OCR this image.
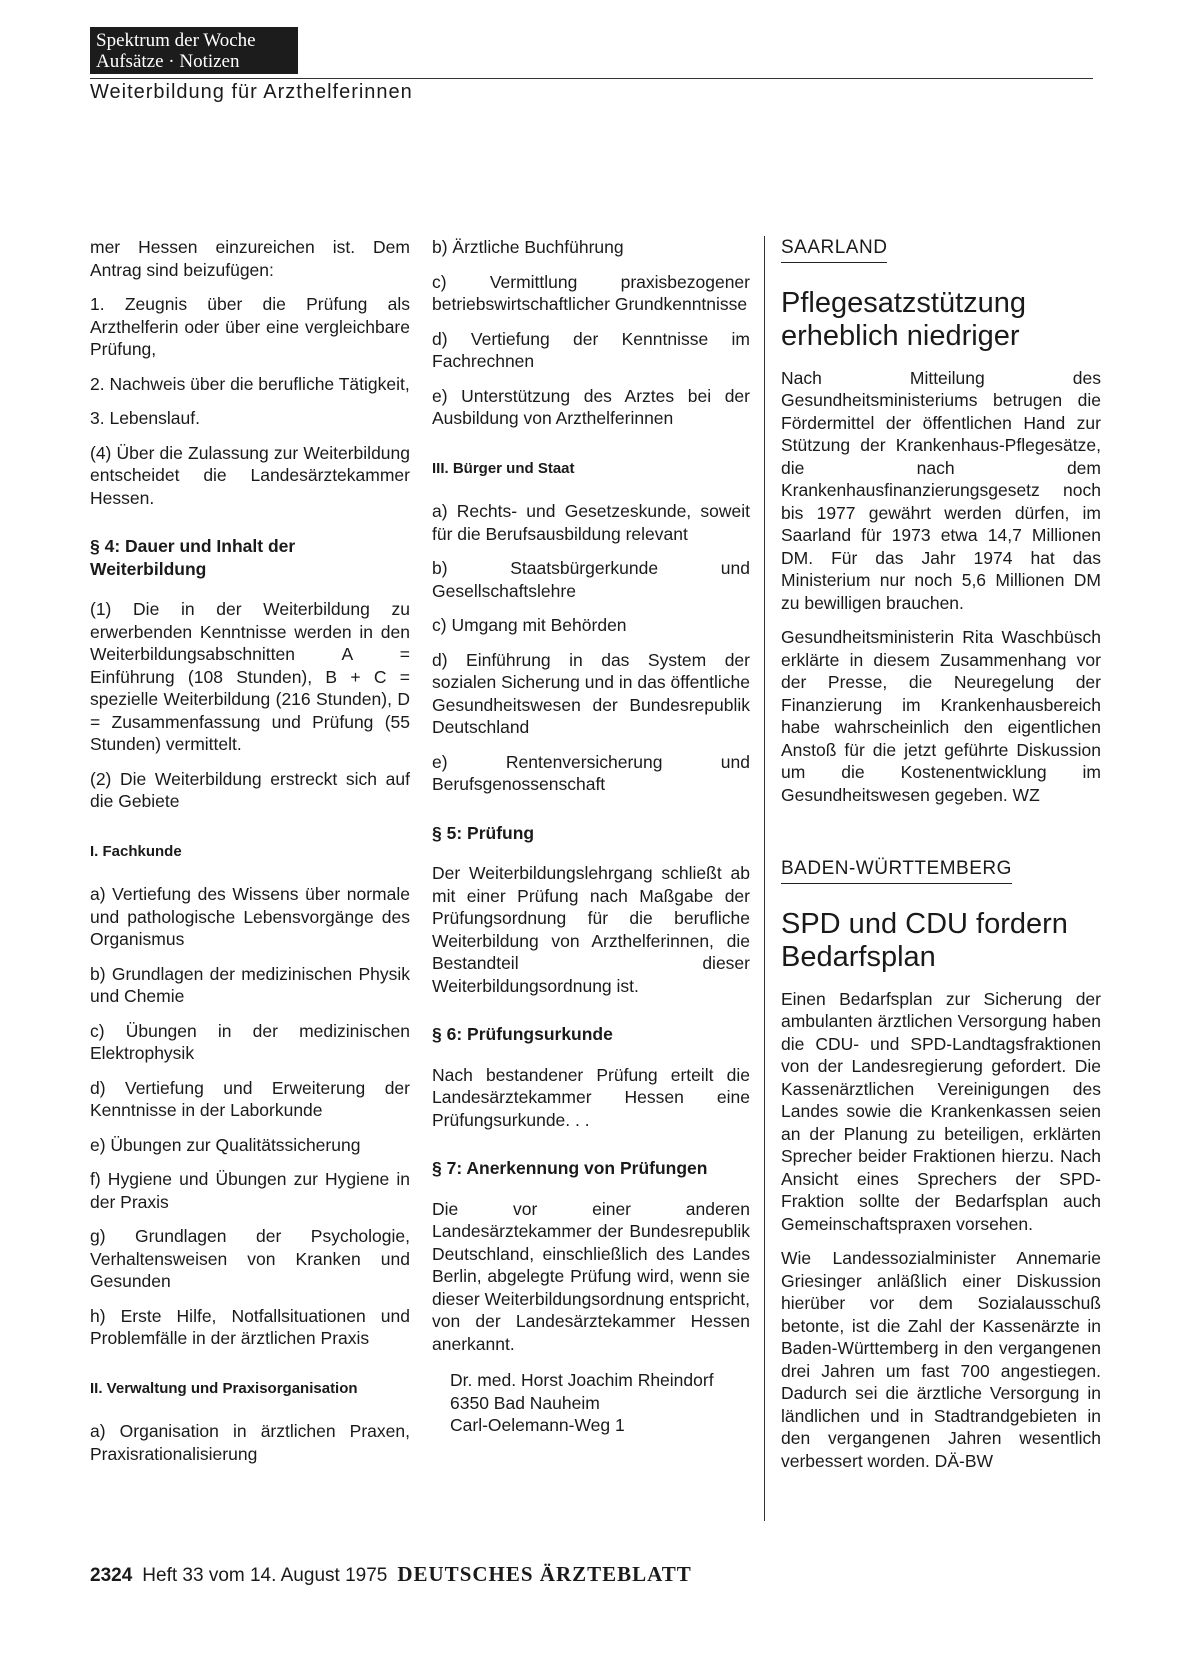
Spektrum der Woche
Aufsätze · Notizen
Weiterbildung für Arzthelferinnen

mer Hessen einzureichen ist. Dem Antrag sind beizufügen:

1. Zeugnis über die Prüfung als Arzthelferin oder über eine vergleichbare Prüfung,

2. Nachweis über die berufliche Tätigkeit,

3. Lebenslauf.

(4) Über die Zulassung zur Weiterbildung entscheidet die Landesärztekammer Hessen.

§ 4: Dauer und Inhalt der Weiterbildung

(1) Die in der Weiterbildung zu erwerbenden Kenntnisse werden in den Weiterbildungsabschnitten A = Einführung (108 Stunden), B + C = spezielle Weiterbildung (216 Stunden), D = Zusammenfassung und Prüfung (55 Stunden) vermittelt.

(2) Die Weiterbildung erstreckt sich auf die Gebiete

I. Fachkunde

a) Vertiefung des Wissens über normale und pathologische Lebensvorgänge des Organismus

b) Grundlagen der medizinischen Physik und Chemie

c) Übungen in der medizinischen Elektrophysik

d) Vertiefung und Erweiterung der Kenntnisse in der Laborkunde

e) Übungen zur Qualitätssicherung

f) Hygiene und Übungen zur Hygiene in der Praxis

g) Grundlagen der Psychologie, Verhaltensweisen von Kranken und Gesunden

h) Erste Hilfe, Notfallsituationen und Problemfälle in der ärztlichen Praxis

II. Verwaltung und Praxisorganisation

a) Organisation in ärztlichen Praxen, Praxisrationalisierung

b) Ärztliche Buchführung

c) Vermittlung praxisbezogener betriebswirtschaftlicher Grundkenntnisse

d) Vertiefung der Kenntnisse im Fachrechnen

e) Unterstützung des Arztes bei der Ausbildung von Arzthelferinnen

III. Bürger und Staat

a) Rechts- und Gesetzeskunde, soweit für die Berufsausbildung relevant

b) Staatsbürgerkunde und Gesellschaftslehre

c) Umgang mit Behörden

d) Einführung in das System der sozialen Sicherung und in das öffentliche Gesundheitswesen der Bundesrepublik Deutschland

e) Rentenversicherung und Berufsgenossenschaft

§ 5: Prüfung

Der Weiterbildungslehrgang schließt ab mit einer Prüfung nach Maßgabe der Prüfungsordnung für die berufliche Weiterbildung von Arzthelferinnen, die Bestandteil dieser Weiterbildungsordnung ist.

§ 6: Prüfungsurkunde

Nach bestandener Prüfung erteilt die Landesärztekammer Hessen eine Prüfungsurkunde. . .

§ 7: Anerkennung von Prüfungen

Die vor einer anderen Landesärztekammer der Bundesrepublik Deutschland, einschließlich des Landes Berlin, abgelegte Prüfung wird, wenn sie dieser Weiterbildungsordnung entspricht, von der Landesärztekammer Hessen anerkannt.

Dr. med. Horst Joachim Rheindorf
6350 Bad Nauheim
Carl-Oelemann-Weg 1
SAARLAND
Pflegesatzstützung erheblich niedriger

Nach Mitteilung des Gesundheitsministeriums betrugen die Fördermittel der öffentlichen Hand zur Stützung der Krankenhaus-Pflegesätze, die nach dem Krankenhausfinanzierungsgesetz noch bis 1977 gewährt werden dürfen, im Saarland für 1973 etwa 14,7 Millionen DM. Für das Jahr 1974 hat das Ministerium nur noch 5,6 Millionen DM zu bewilligen brauchen.

Gesundheitsministerin Rita Waschbüsch erklärte in diesem Zusammenhang vor der Presse, die Neuregelung der Finanzierung im Krankenhausbereich habe wahrscheinlich den eigentlichen Anstoß für die jetzt geführte Diskussion um die Kostenentwicklung im Gesundheitswesen gegeben. WZ

BADEN-WÜRTTEMBERG
SPD und CDU fordern Bedarfsplan

Einen Bedarfsplan zur Sicherung der ambulanten ärztlichen Versorgung haben die CDU- und SPD-Landtagsfraktionen von der Landesregierung gefordert. Die Kassenärztlichen Vereinigungen des Landes sowie die Krankenkassen seien an der Planung zu beteiligen, erklärten Sprecher beider Fraktionen hierzu. Nach Ansicht eines Sprechers der SPD-Fraktion sollte der Bedarfsplan auch Gemeinschaftspraxen vorsehen.

Wie Landessozialminister Annemarie Griesinger anläßlich einer Diskussion hierüber vor dem Sozialausschuß betonte, ist die Zahl der Kassenärzte in Baden-Württemberg in den vergangenen drei Jahren um fast 700 angestiegen. Dadurch sei die ärztliche Versorgung in ländlichen und in Stadtrandgebieten in den vergangenen Jahren wesentlich verbessert worden. DÄ-BW

2324 Heft 33 vom 14. August 1975 DEUTSCHES ÄRZTEBLATT
